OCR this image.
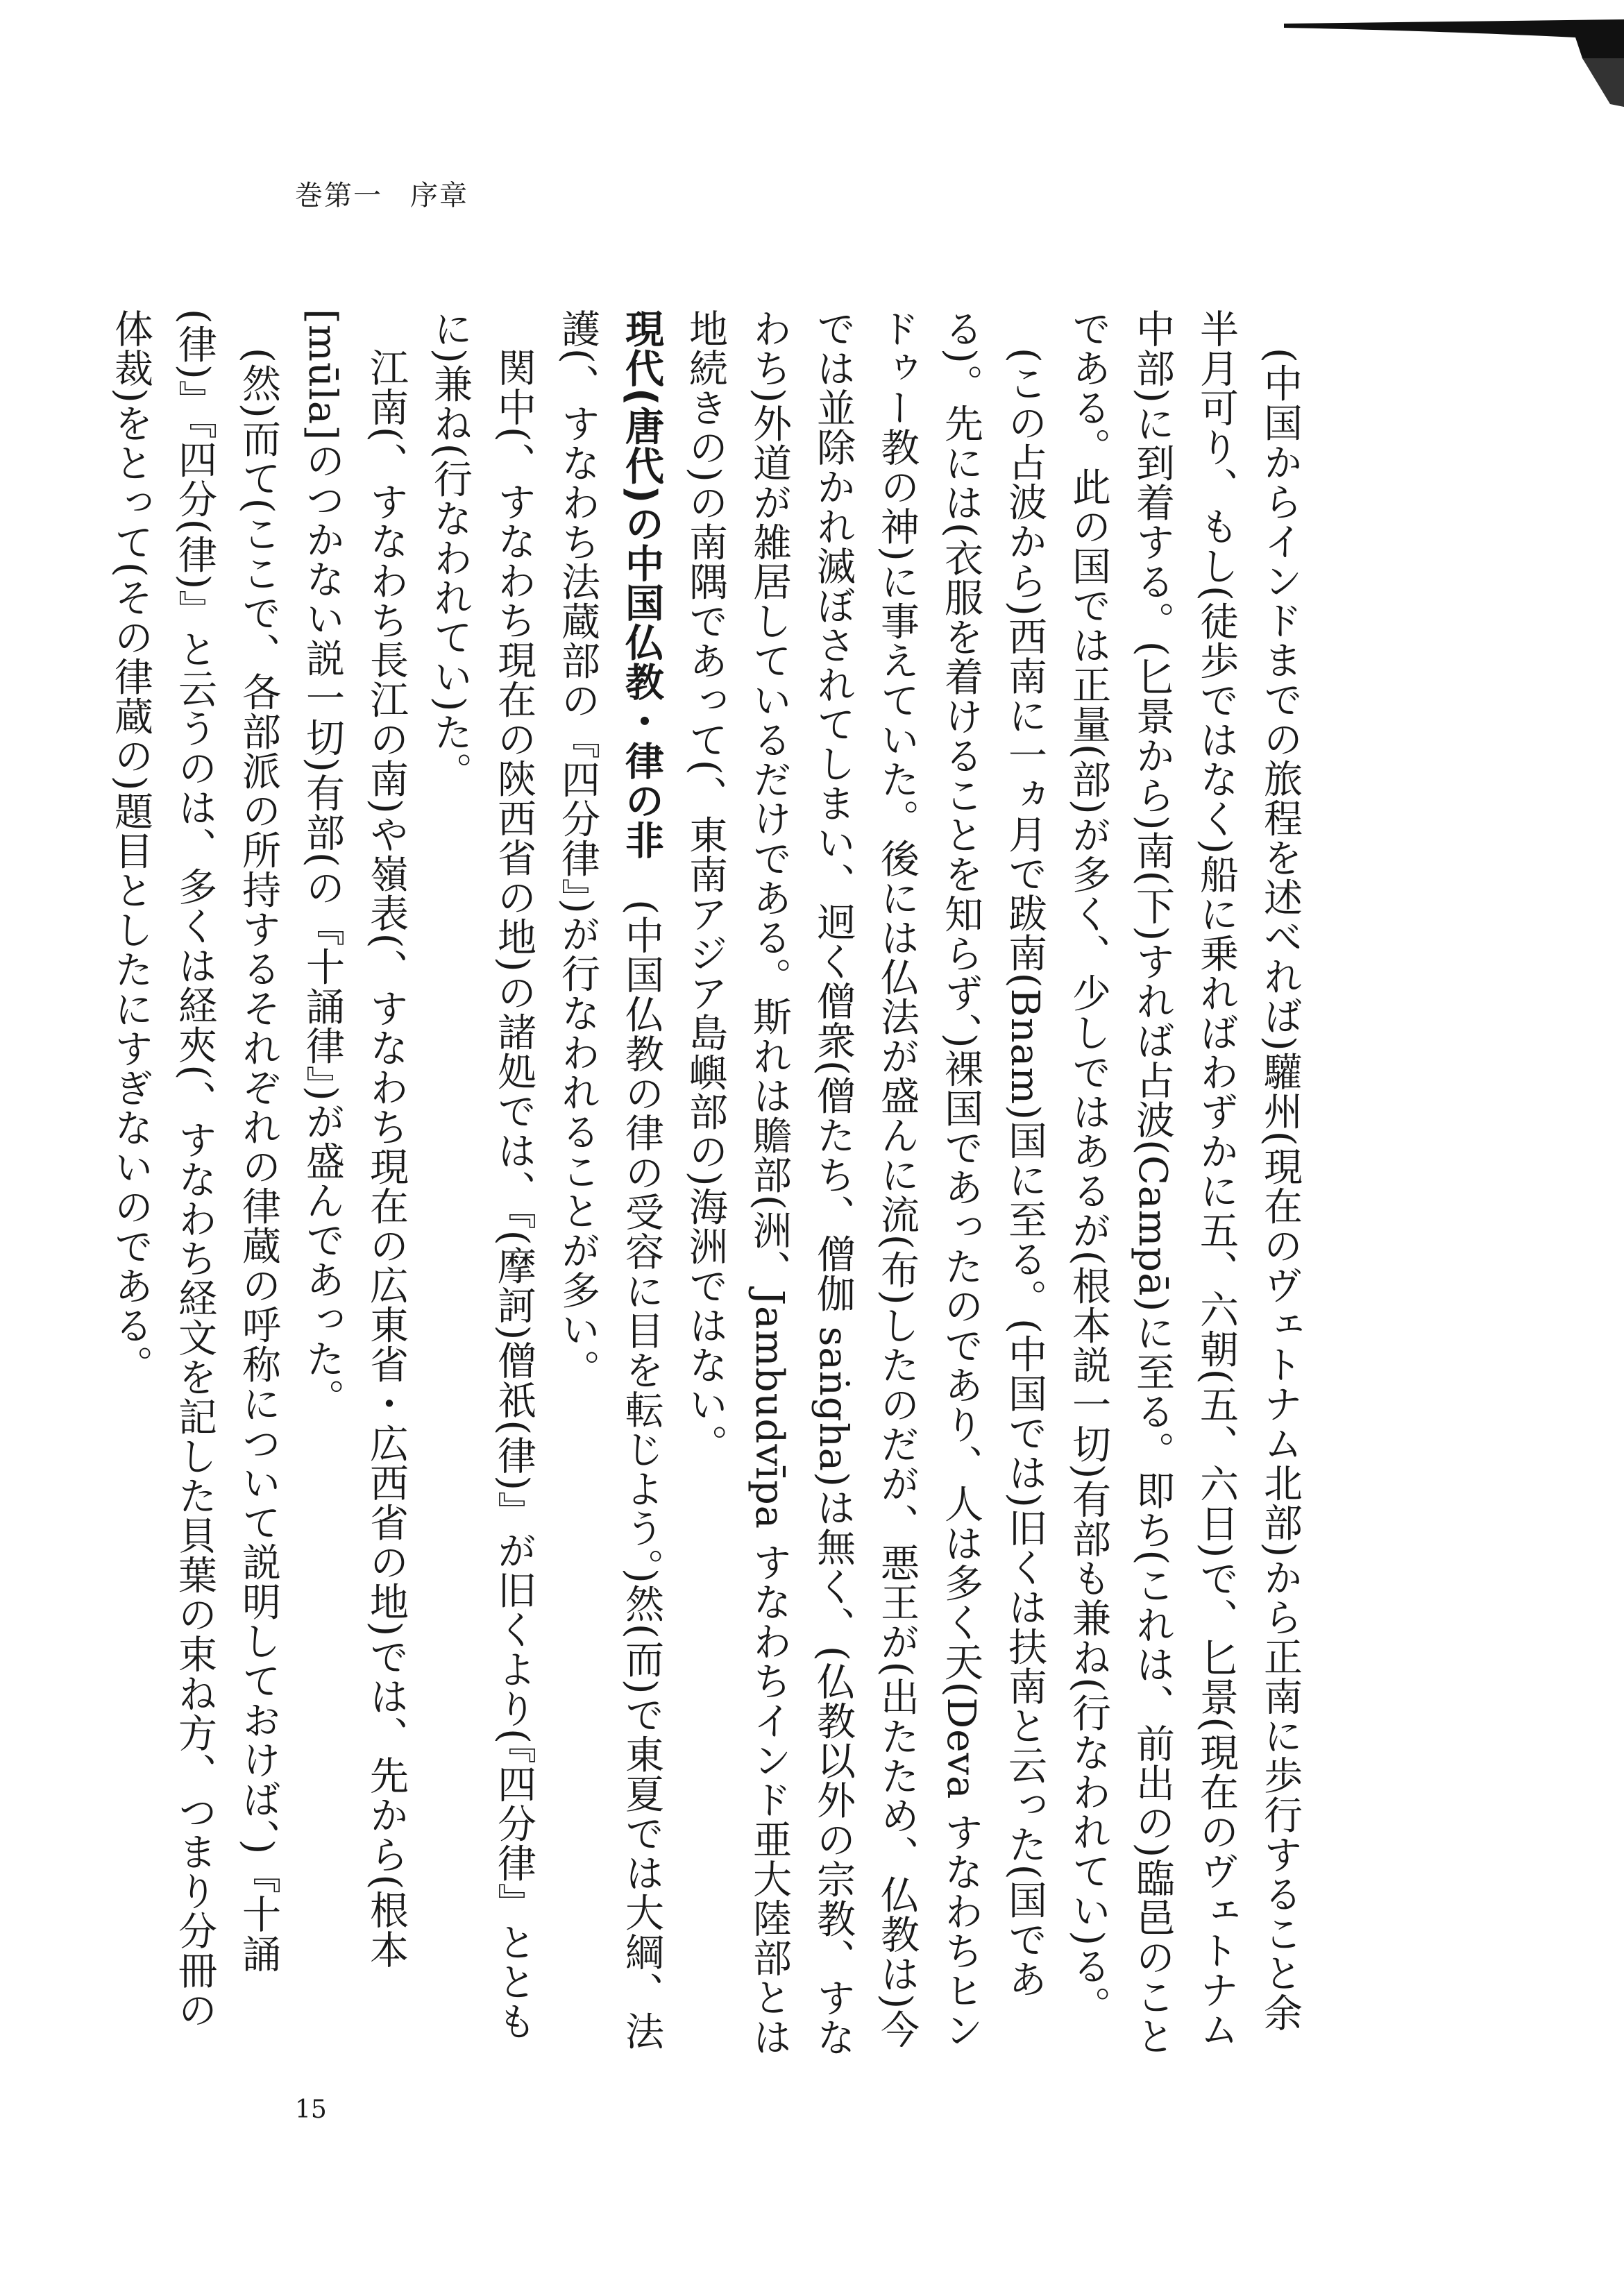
巻第一 序章

(中国からインドまでの旅程を述べれば)驩州(現在のヴェトナム北部)から正南に歩行すること余半月可り、もし(徒歩ではなく)船に乗ればわずかに五、六朝(五、六日)で、匕景(現在のヴェトナム中部)に到着する。(匕景から)南(下)すれば占波(Campā)に至る。即ち(これは、前出の)臨邑のことである。此の国では正量(部)が多く、少しではあるが(根本説一切)有部も兼ね(行なわれてい)る。

(この占波から)西南に一ヵ月で跋南(Bnam)国に至る。(中国では)旧くは扶南と云った(国である)。先には(衣服を着けることを知らず、)裸国であったのであり、人は多く天(Deva すなわちヒンドゥー教の神)に事えていた。後には仏法が盛んに流(布)したのだが、悪王が(出たため、仏教は)今では並除かれ滅ぼされてしまい、迥く僧衆(僧たち、僧伽 saṅgha)は無く、(仏教以外の宗教、すなわち)外道が雑居しているだけである。斯れは贍部(洲、Jambudvīpa すなわちインド亜大陸部とは地続きの)の南隅であって(、東南アジア島嶼部の)海洲ではない。

現代(唐代)の中国仏教・律の非　(中国仏教の律の受容に目を転じよう。)然(而)で東夏では大綱、法護(、すなわち法蔵部の『四分律』)が行なわれることが多い。

関中(、すなわち現在の陝西省の地)の諸処では、『(摩訶)僧祇(律)』が旧くより(『四分律』とともに)兼ね(行なわれてい)た。

江南(、すなわち長江の南)や嶺表(、すなわち現在の広東省・広西省の地)では、先から(根本[mūla]のつかない説一切)有部(の『十誦律』)が盛んであった。

(然)而て(ここで、各部派の所持するそれぞれの律蔵の呼称について説明しておけば、)『十誦(律)』『四分(律)』と云うのは、多くは経夾(、すなわち経文を記した貝葉の束ね方、つまり分冊の体裁)をとって(その律蔵の)題目としたにすぎないのである。

15
